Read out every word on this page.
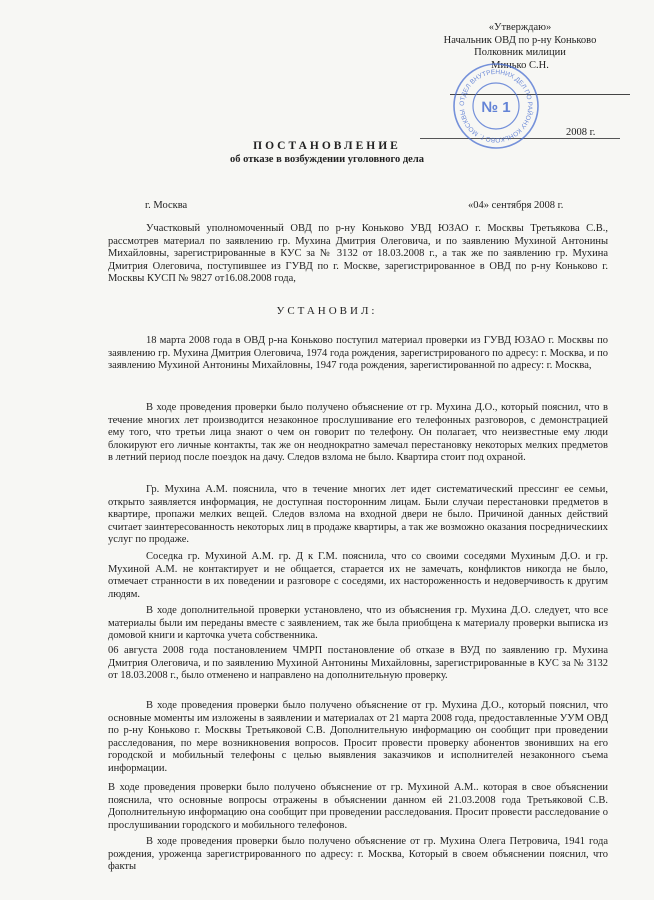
«Утверждаю»
Начальник ОВД по р-ну Коньково
Полковник милиции
Минько С.Н.
2008 г.
ОТДЕЛ ВНУТРЕННИХ ДЕЛ ПО РАЙОНУ КОНЬКОВО Г. МОСКВЫ № 1
ПОСТАНОВЛЕНИЕ
об отказе в возбуждении уголовного дела
г. Москва	«04» сентября 2008 г.
Участковый уполномоченный ОВД по р-ну Коньково УВД ЮЗАО г. Москвы Третьякова С.В., рассмотрев материал по заявлению гр. Мухина Дмитрия Олеговича, и по заявлению Мухиной Антонины Михайловны, зарегистрированные в КУС за № 3132 от 18.03.2008 г., а так же по заявлению гр. Мухина Дмитрия Олеговича, поступившее из ГУВД по г. Москве, зарегистрированное в ОВД по р-ну Коньково г. Москвы КУСП № 9827 от16.08.2008 года,
УСТАНОВИЛ:
18 марта 2008 года в ОВД р-на Коньково поступил материал проверки из ГУВД ЮЗАО г. Москвы по заявлению гр. Мухина Дмитрия Олеговича, 1974 года рождения, зарегистрированого по адресу: г. Москва, и по заявлению Мухиной Антонины Михайловны, 1947 года рождения, зарегистированной по адресу: г. Москва,
В ходе проведения проверки было получено объяснение от гр. Мухина Д.О., который пояснил, что в течение многих лет производится незаконное прослушивание его телефонных разговоров, с демонстрацией ему того, что третьи лица знают о чем он говорит по телефону. Он полагает, что неизвестные ему люди блокируют его личные контакты, так же он неоднократно замечал перестановку некоторых мелких предметов в летний период после поездок на дачу. Следов взлома не было. Квартира стоит под охраной.
Гр. Мухина А.М. пояснила, что в течение многих лет идет систематический прессинг ее семьи, открыто заявляется информация, не доступная посторонним лицам. Были случаи перестановки предметов в квартире, пропажи мелких вещей. Следов взлома на входной двери не было. Причиной данных действий считает заинтересованность некоторых лиц в продаже квартиры, а так же возможно оказания посредническиих услуг по продаже.
Соседка гр. Мухиной А.М. гр. Д к Г.М. пояснила, что со своими соседями Мухиным Д.О. и гр. Мухиной А.М. не контактирует и не общается, старается их не замечать, конфликтов никогда не было, отмечает странности в их поведении и разговоре с соседями, их настороженность и недоверчивость к другим людям.
В ходе дополнительной проверки установлено, что из объяснения гр. Мухина Д.О. следует, что все материалы были им переданы вместе с заявлением, так же была приобщена к материалу проверки выписка из домовой книги и карточка учета собственника.
06 августа 2008 года постановлением ЧМРП постановление об отказе в ВУД по заявлению гр. Мухина Дмитрия Олеговича, и по заявлению Мухиной Антонины Михайловны, зарегистрированные в КУС за № 3132 от 18.03.2008 г., было отменено и направлено на дополнительную проверку.
В ходе проведения проверки было получено объяснение от гр. Мухина Д.О., который пояснил, что основные моменты им изложены в заявлении и материалах от 21 марта 2008 года, предоставленные УУМ ОВД по р-ну Коньково г. Москвы Третьяковой С.В. Дополнительную информацию он сообщит при проведении расследования, по мере возникновения вопросов. Просит провести проверку абонентов звонивших на его городской и мобильный телефоны с целью выявления заказчиков и исполнителей незаконного съема информации.
В ходе проведения проверки было получено объяснение от гр. Мухиной А.М.. которая в свое объяснении пояснила, что основные вопросы отражены в объяснении данном ей 21.03.2008 года Третьяковой С.В. Дополнительную информацию она сообщит при проведении расследования. Просит провести расследование о прослушивании городского и мобильного телефонов.
В ходе проведения проверки было получено объяснение от гр. Мухина Олега Петровича, 1941 года рождения, уроженца зарегистрированного по адресу: г. Москва, Который в своем объяснении пояснил, что факты
